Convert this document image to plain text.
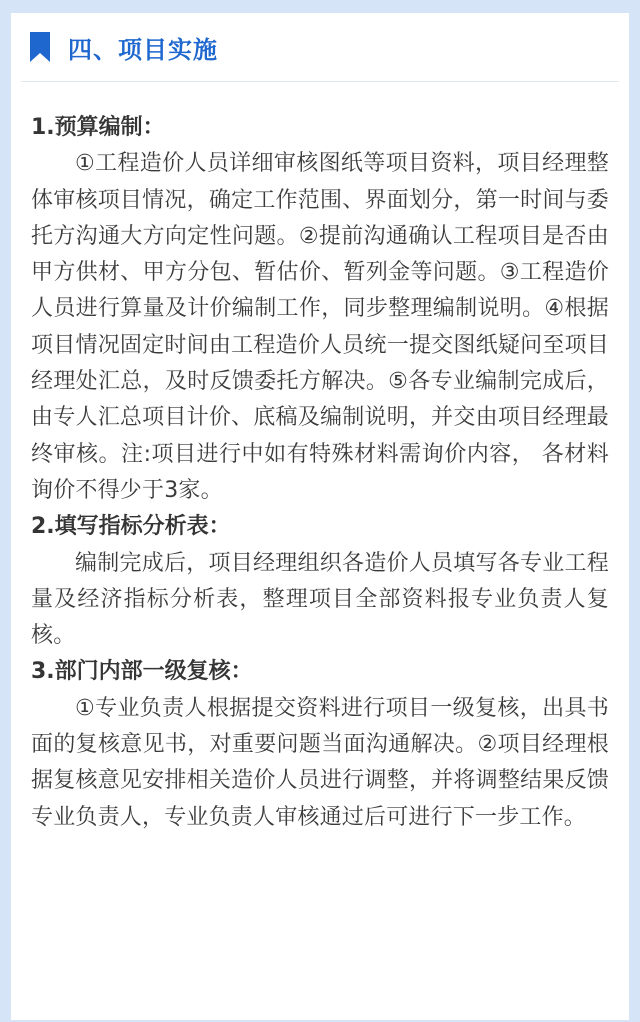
四、项目实施
1.预算编制：
①工程造价人员详细审核图纸等项目资料，项目经理整体审核项目情况，确定工作范围、界面划分，第一时间与委托方沟通大方向定性问题。②提前沟通确认工程项目是否由甲方供材、甲方分包、暂估价、暂列金等问题。③工程造价人员进行算量及计价编制工作，同步整理编制说明。④根据项目情况固定时间由工程造价人员统一提交图纸疑问至项目经理处汇总，及时反馈委托方解决。⑤各专业编制完成后，由专人汇总项目计价、底稿及编制说明，并交由项目经理最终审核。注:项目进行中如有特殊材料需询价内容， 各材料询价不得少于3家。
2.填写指标分析表：
编制完成后，项目经理组织各造价人员填写各专业工程量及经济指标分析表，整理项目全部资料报专业负责人复核。
3.部门内部一级复核：
①专业负责人根据提交资料进行项目一级复核，出具书面的复核意见书，对重要问题当面沟通解决。②项目经理根据复核意见安排相关造价人员进行调整，并将调整结果反馈专业负责人，专业负责人审核通过后可进行下一步工作。
